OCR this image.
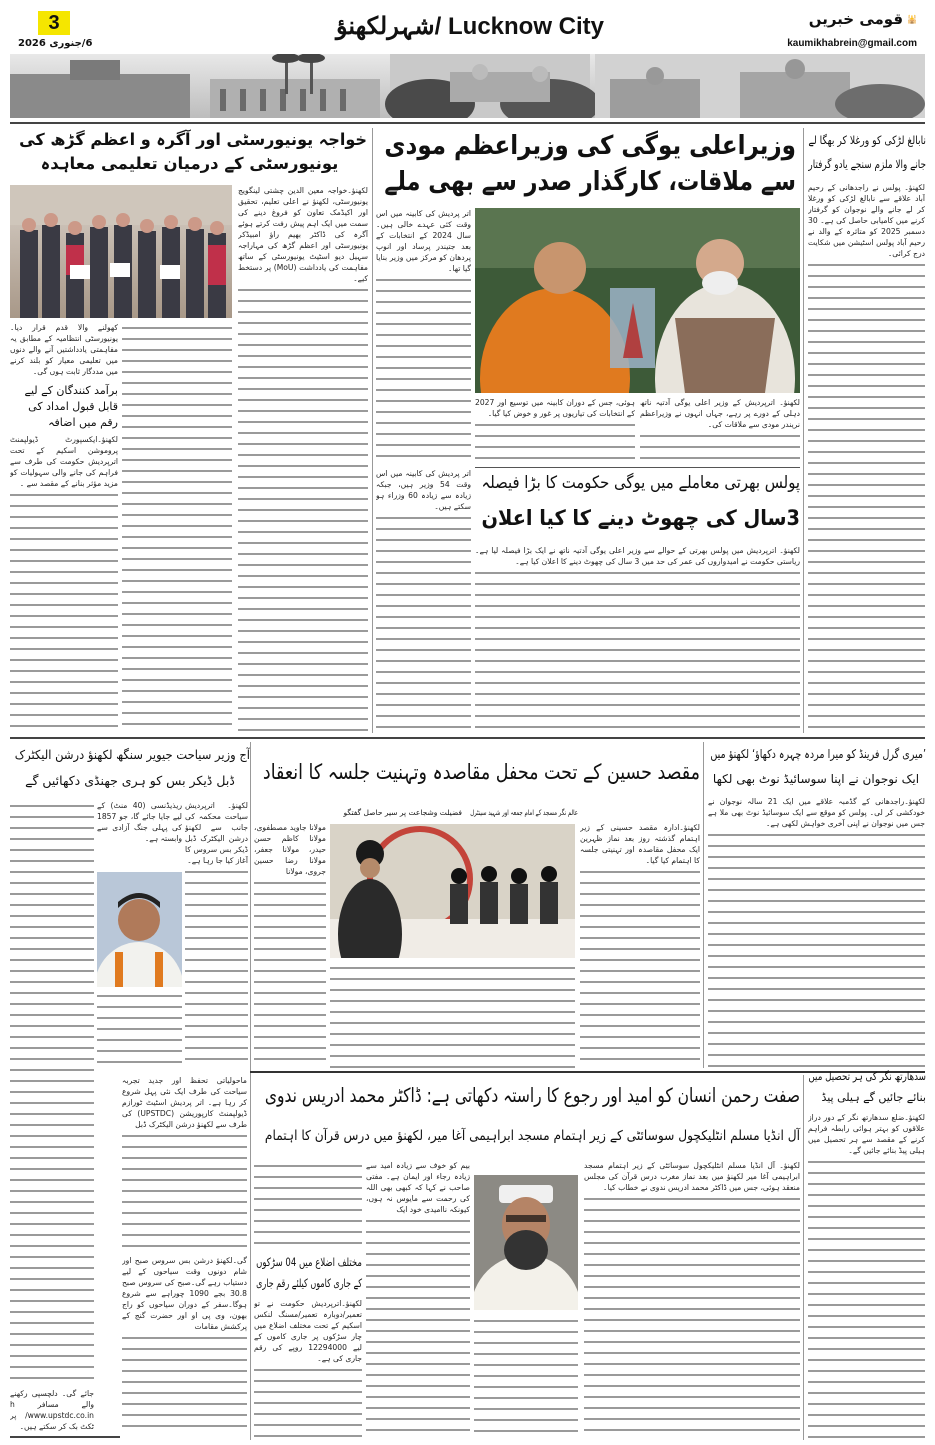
3
6/جنوری 2026
Lucknow City /شہرلکھنؤ	قومی خبریں 🕌
kaumikhabrein@gmail.com
خواجہ یونیورسٹی اور آگرہ و اعظم گڑھ کی
یونیورسٹی کے درمیان تعلیمی معاہدہ
لکھنؤ۔خواجہ معین الدین چشتی لینگویج یونیورسٹی، لکھنؤ نے اعلی تعلیم، تحقیق اور اکیڈمک تعاون کو فروغ دینے کی سمت میں ایک اہم پیش رفت کرتے ہوئے آگرہ کی ڈاکٹر بھیم راؤ امبیڈکر یونیورسٹی اور اعظم گڑھ کی مہاراجہ سہیل دیو اسٹیٹ یونیورسٹی کے ساتھ مفاہمت کی یادداشت (MoU) پر دستخط کیے۔
کھولنے والا قدم قرار دیا۔ یونیورسٹی انتظامیہ کے مطابق یہ مفاہمتی یادداشتیں آنے والے دنوں میں تعلیمی معیار کو بلند کرنے میں مددگار ثابت ہوں گی۔
برآمد کنندگان کے لیے قابل قبول امداد کی رقم میں اضافہ
لکھنؤ۔ایکسپورٹ ڈیولپمنٹ پروموشن اسکیم کے تحت اترپردیش حکومت کی طرف سے فراہم کی جانے والی سہولیات کو مزید مؤثر بنانے کے مقصد سے ۔
وزیراعلی یوگی کی وزیراعظم مودی
سے ملاقات، کارگذار صدر سے بھی ملے
اتر پردیش کی کابینہ میں اس وقت کئی عہدے خالی ہیں۔ سال 2024 کے انتخابات کے بعد جتیندر پرساد اور انوپ پردھان کو مرکز میں وزیر بنایا گیا تھا۔
لکھنؤ۔ اترپردیش کے وزیر اعلی یوگی آدتیہ ناتھ دہلی کے دورے پر رہے، جہاں انہوں نے وزیراعظم نریندر مودی سے ملاقات کی۔
ہوئی، جس کے دوران کابینہ میں توسیع اور 2027 کے انتخابات کی تیاریوں پر غور و خوض کیا گیا۔
پولس بھرتی معاملے میں یوگی حکومت کا بڑا فیصلہ
3سال کی چھوٹ دینے کا کیا اعلان
لکھنؤ۔ اترپردیش میں پولس بھرتی کے حوالے سے وزیر اعلی یوگی آدتیہ ناتھ نے ایک بڑا فیصلہ لیا ہے۔ ریاستی حکومت نے امیدواروں کی عمر کی حد میں 3 سال کی چھوٹ دینے کا اعلان کیا ہے۔
اتر پردیش کی کابینہ میں اس وقت 54 وزیر ہیں، جبکہ زیادہ سے زیادہ 60 وزراء ہو سکتے ہیں۔
نابالغ لڑکی کو ورغلا کر بھگا لے
جانے والا ملزم سنجے یادو گرفتار
لکھنؤ۔ پولس نے راجدھانی کے رحیم آباد علاقے سے نابالغ لڑکی کو ورغلا کر لے جانے والے نوجوان کو گرفتار کرنے میں کامیابی حاصل کی ہے۔ 30 دسمبر 2025 کو متاثرہ کے والد نے رحیم آباد پولس اسٹیشن میں شکایت درج کرائی۔
آج وزیر سیاحت جیویر سنگھ لکھنؤ درشن الیکٹرک
ڈبل ڈیکر بس کو ہری جھنڈی دکھائیں گے
لکھنؤ۔ اترپردیش سیاحت محکمہ کی جانب سے لکھنؤ درشن الیکٹرک ڈبل ڈیکر بس سروس کا آغاز کیا جا رہا ہے۔
ریذیڈنسی (40 منٹ) کے لیے جایا جائے گا، جو 1857 کی پہلی جنگ آزادی سے وابستہ ہے۔
جائے گی۔ دلچسپی رکھنے والے مسافر h www.upstdc.co.in/ پر ٹکٹ بک کر سکتے ہیں۔
ماحولیاتی تحفظ اور جدید تجربہ سیاحت کی طرف ایک نئی پہل شروع کر رہا ہے۔ اتر پردیش اسٹیٹ ٹورازم ڈیولپمنٹ کارپوریشن (UPSTDC) کی طرف سے لکھنؤ درشن الیکٹرک ڈبل
گی۔لکھنؤ درشن بس سروس صبح اور شام دونوں وقت سیاحوں کے لیے دستیاب رہے گی۔صبح کی سروس صبح 30.8 بجے 1090 چوراہے سے شروع ہوگا۔سفر کے دوران سیاحوں کو راج بھون، وی پی او اور حضرت گنج کے پرکشش مقامات
مقصد حسین کے تحت محفل مقاصدہ وتہنیت جلسہ کا انعقاد
عالم نگر مسجد کے امام جمعہ اور شہید سینٹرل
فضیلت وشجاعت پر سیر حاصل گفتگو
لکھنؤ۔ادارہ مقصد حسینی کے زیر اہتمام گذشتہ روز بعد نماز ظہرین ایک محفل مقاصدہ اور تہنیتی جلسہ کا اہتمام کیا گیا۔
مولانا جاوید مصطفوی، مولانا کاظم حسن حیدر، مولانا جعفر، مولانا رضا حسین جروی، مولانا
’میری گرل فرینڈ کو میرا مردہ چہرہ دکھاؤ‘ لکھنؤ میں
ایک نوجوان نے اپنا سوسائیڈ نوٹ بھی لکھا
لکھنؤ۔راجدھانی کے گڈمبہ علاقے میں ایک 21 سالہ نوجوان نے خودکشی کر لی۔ پولس کو موقع سے ایک سوسائیڈ نوٹ بھی ملا ہے جس میں نوجوان نے اپنی آخری خواہش لکھی ہے۔
مختلف اضلاع میں 04 سڑکوں
کے جاری کاموں کیلئے رقم جاری
صفت رحمن انسان کو امید اور رجوع کا راستہ دکھاتی ہے: ڈاکٹر محمد ادریس ندوی
آل انڈیا مسلم انٹلیکچول سوسائٹی کے زیر اہتمام مسجد ابراہیمی آغا میر، لکھنؤ میں درس قرآن کا اہتمام
لکھنؤ۔ آل انڈیا مسلم انٹلیکچول سوسائٹی کے زیر اہتمام مسجد ابراہیمی آغا میر لکھنؤ میں بعد نماز مغرب درس قرآن کی مجلس منعقد ہوئی، جس میں ڈاکٹر محمد ادریس ندوی نے خطاب کیا۔
بیم کو خوف سے زیادہ امید سے زیادہ رجاء اور ایمان ہے۔ مفتی صاحب نے کہا کہ کبھی بھی اللہ کی رحمت سے مایوس نہ ہوں، کیونکہ ناامیدی خود ایک
لکھنؤ۔اترپردیش حکومت نے تو تعمیر/دوبارہ تعمیر/مسنگ لنکس اسکیم کے تحت مختلف اضلاع میں چار سڑکوں پر جاری کاموں کے لیے 12294000 روپے کی رقم جاری کی ہے۔
سدھارتھ نگر کی ہر تحصیل میں
بنائے جائیں گے ہیلی پیڈ
لکھنؤ۔ضلع سدھارتھ نگر کے دور دراز علاقوں کو بہتر ہوائی رابطہ فراہم کرنے کے مقصد سے ہر تحصیل میں ہیلی پیڈ بنائے جائیں گے۔
